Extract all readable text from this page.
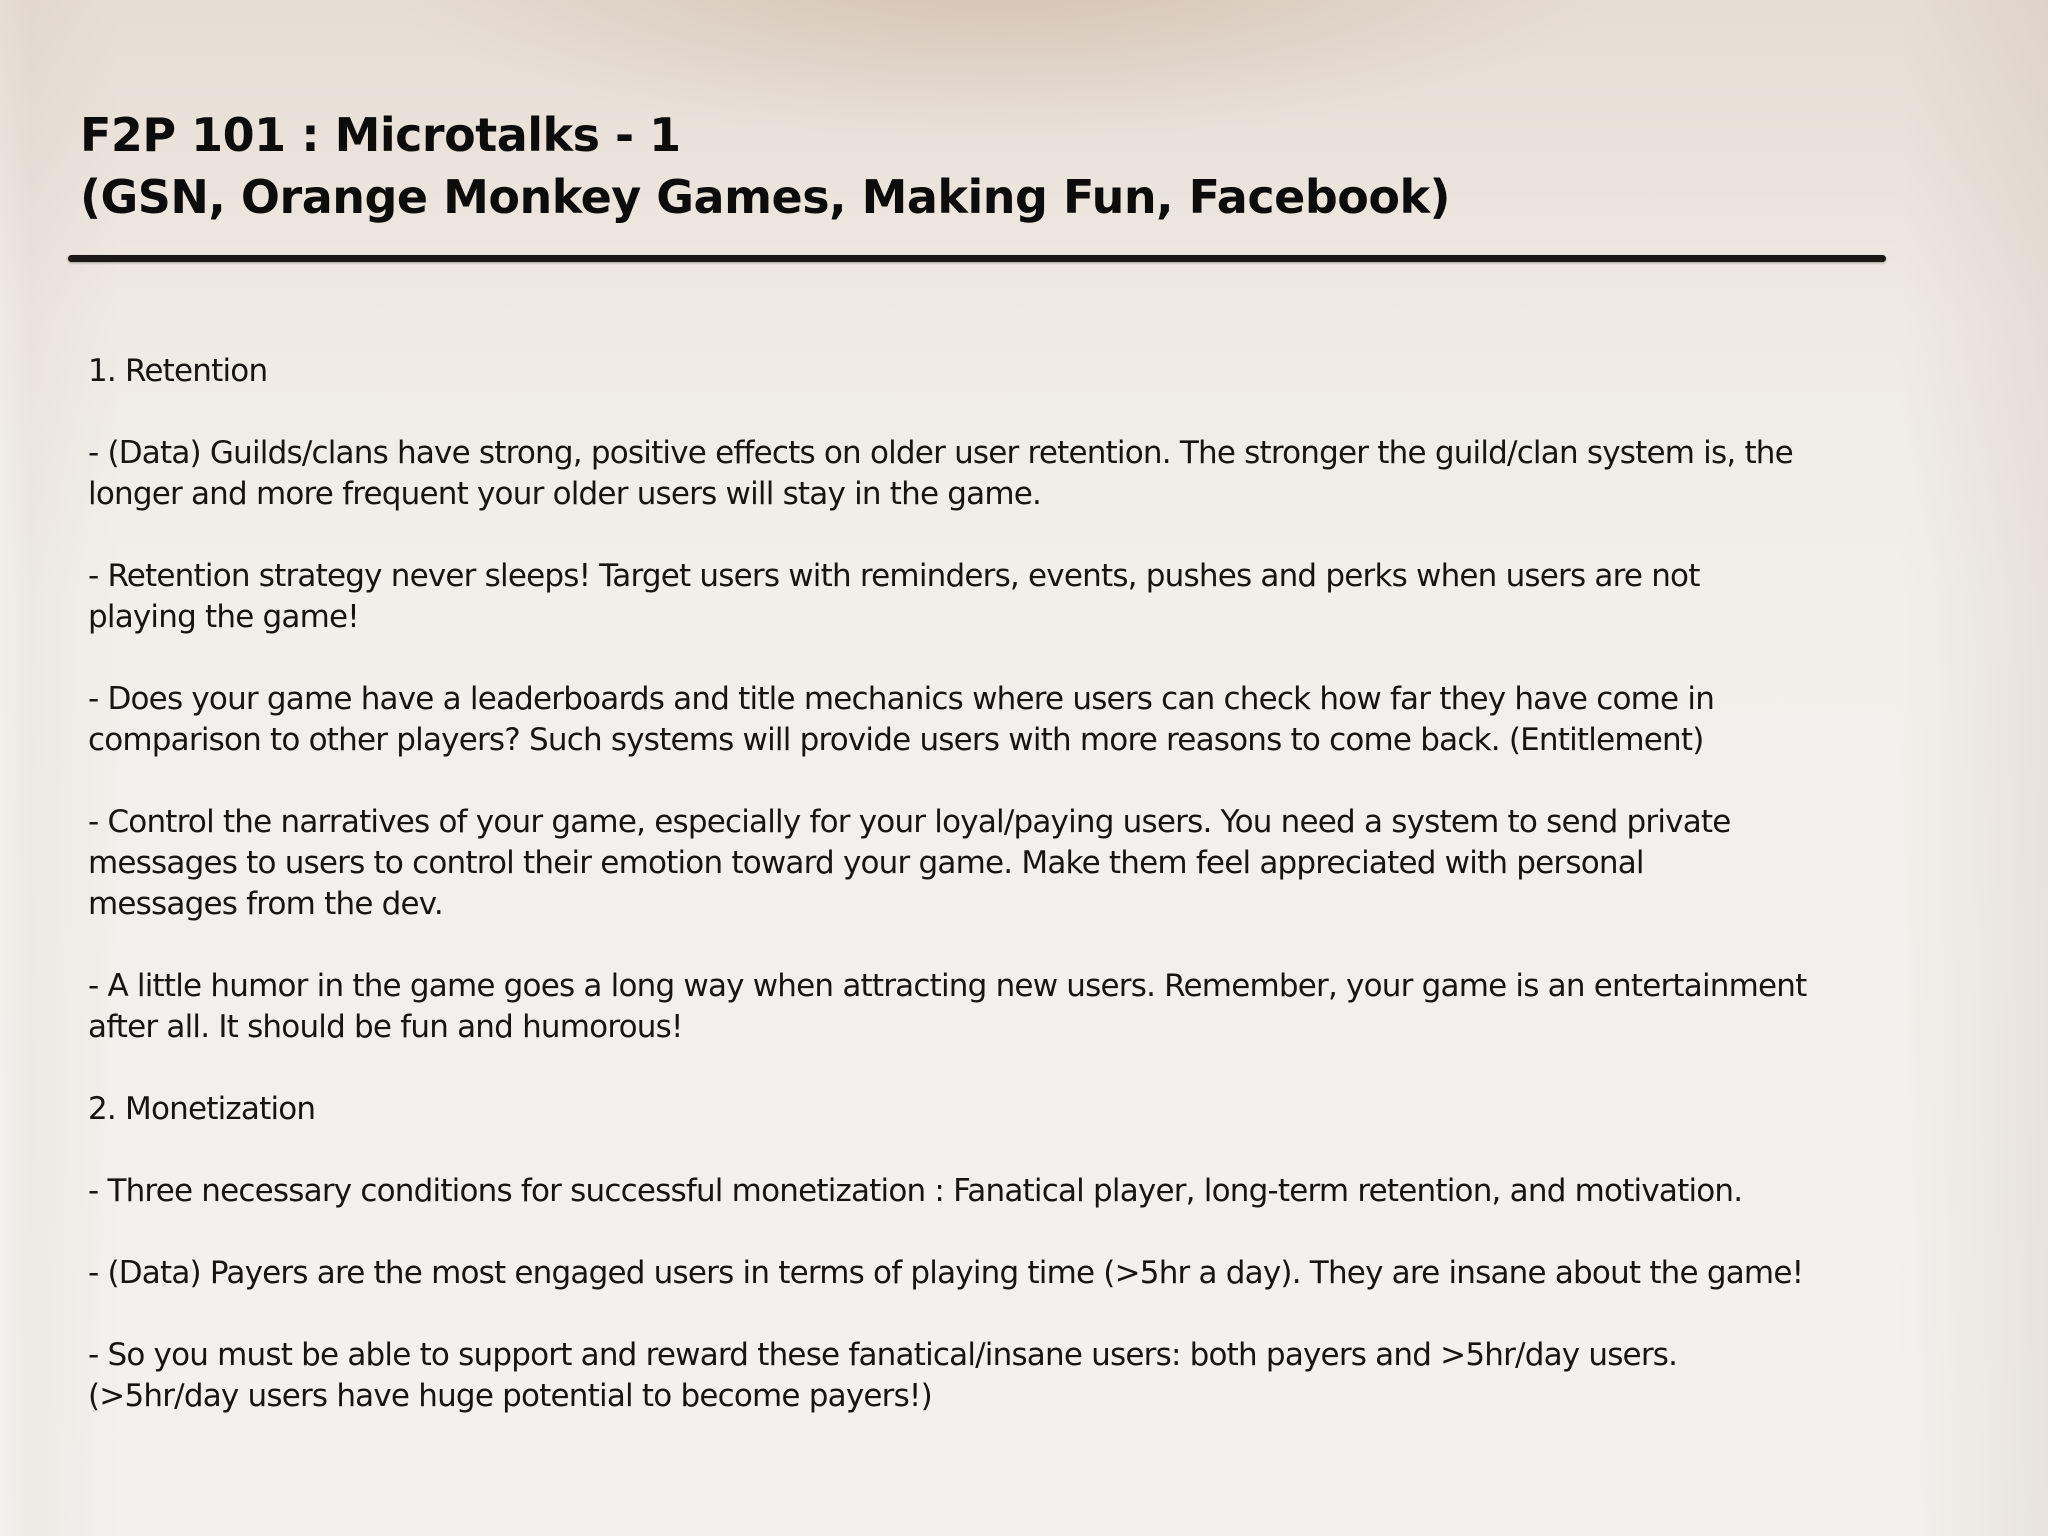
F2P 101 : Microtalks - 1
(GSN, Orange Monkey Games, Making Fun, Facebook)

1. Retention

- (Data) Guilds/clans have strong, positive effects on older user retention. The stronger the guild/clan system is, the
longer and more frequent your older users will stay in the game.

- Retention strategy never sleeps! Target users with reminders, events, pushes and perks when users are not
playing the game!

- Does your game have a leaderboards and title mechanics where users can check how far they have come in
comparison to other players? Such systems will provide users with more reasons to come back. (Entitlement)

- Control the narratives of your game, especially for your loyal/paying users. You need a system to send private
messages to users to control their emotion toward your game. Make them feel appreciated with personal
messages from the dev.

- A little humor in the game goes a long way when attracting new users. Remember, your game is an entertainment
after all. It should be fun and humorous!

2. Monetization

- Three necessary conditions for successful monetization : Fanatical player, long-term retention, and motivation.

- (Data) Payers are the most engaged users in terms of playing time (>5hr a day). They are insane about the game!

- So you must be able to support and reward these fanatical/insane users: both payers and >5hr/day users.
(>5hr/day users have huge potential to become payers!)
